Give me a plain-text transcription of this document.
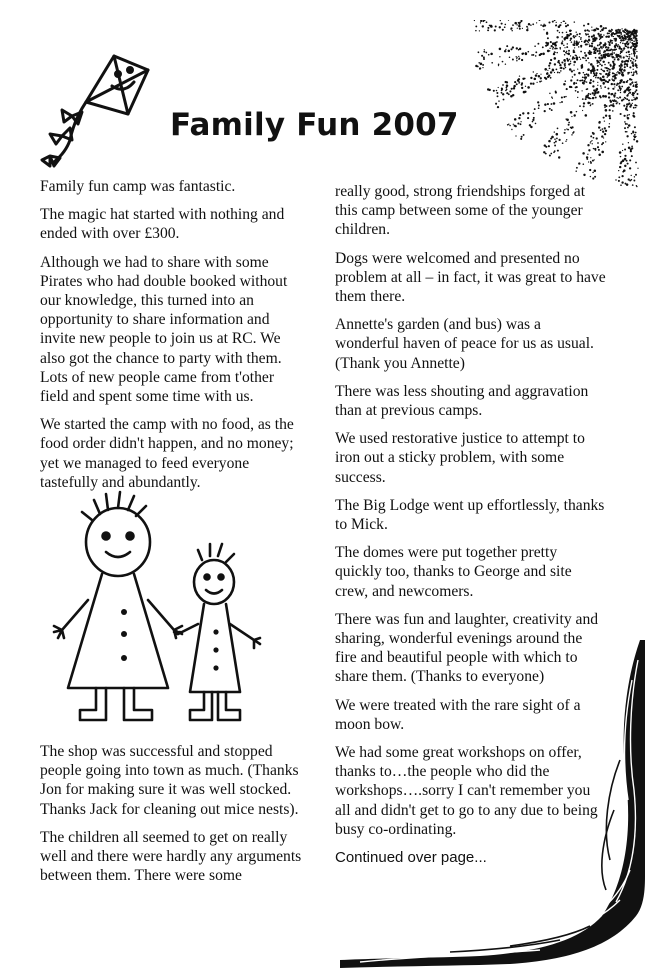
Family Fun 2007

Family fun camp was fantastic.

The magic hat started with nothing and ended with over £300.

Although we had to share with some Pirates who had double booked without our knowledge, this turned into an opportunity to share information and invite new people to join us at RC. We also got the chance to party with them. Lots of new people came from t'other field and spent some time with us.

We started the camp with no food, as the food order didn't happen, and no money; yet we managed to feed everyone tastefully and abundantly.

The shop was successful and stopped people going into town as much. (Thanks Jon for making sure it was well stocked. Thanks Jack for cleaning out mice nests).

The children all seemed to get on really well and there were hardly any arguments between them. There were some

really good, strong friendships forged at this camp between some of the younger children.

Dogs were welcomed and presented no problem at all – in fact, it was great to have them there.

Annette's garden (and bus) was a wonderful haven of peace for us as usual. (Thank you Annette)

There was less shouting and aggravation than at previous camps.

We used restorative justice to attempt to iron out a sticky problem, with some success.

The Big Lodge went up effortlessly, thanks to Mick.

The domes were put together pretty quickly too, thanks to George and site crew, and newcomers.

There was fun and laughter, creativity and sharing, wonderful evenings around the fire and beautiful people with which to share them. (Thanks to everyone)

We were treated with the rare sight of a moon bow.

We had some great workshops on offer, thanks to…the people who did the workshops….sorry I can't remember you all and didn't get to go to any due to being busy co-ordinating.

Continued over page...
